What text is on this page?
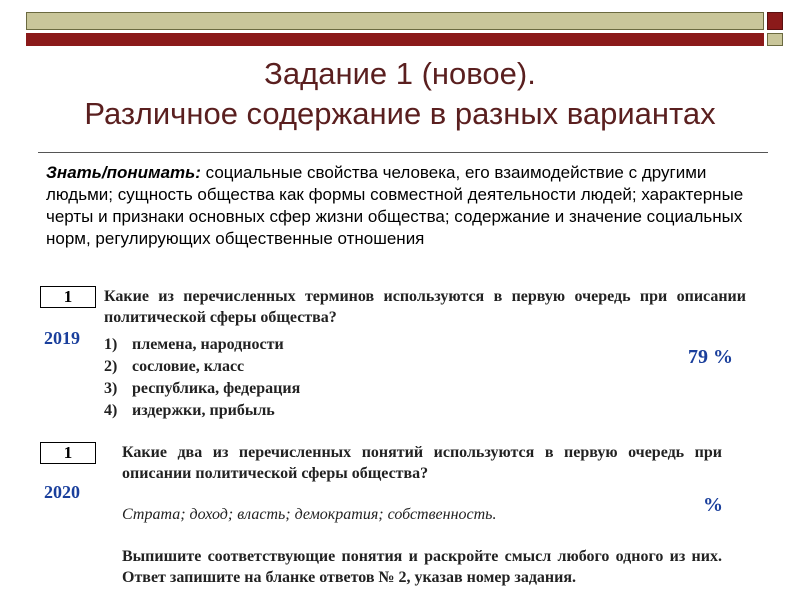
Задание 1 (новое).
Различное содержание в разных вариантах
Знать/понимать: социальные свойства человека, его взаимодействие с другими людьми; сущность общества как формы совместной деятельности людей; характерные черты и признаки основных сфер жизни общества; содержание и значение социальных норм, регулирующих общественные отношения
1
2019
Какие из перечисленных терминов используются в первую очередь при описании политической сферы общества?
1) племена, народности
2) сословие, класс
3) республика, федерация
4) издержки, прибыль
79 %
1
2020
Какие два из перечисленных понятий используются в первую очередь при описании политической сферы общества?
Страта; доход; власть; демократия; собственность.	%
Выпишите соответствующие понятия и раскройте смысл любого одного из них. Ответ запишите на бланке ответов № 2, указав номер задания.
